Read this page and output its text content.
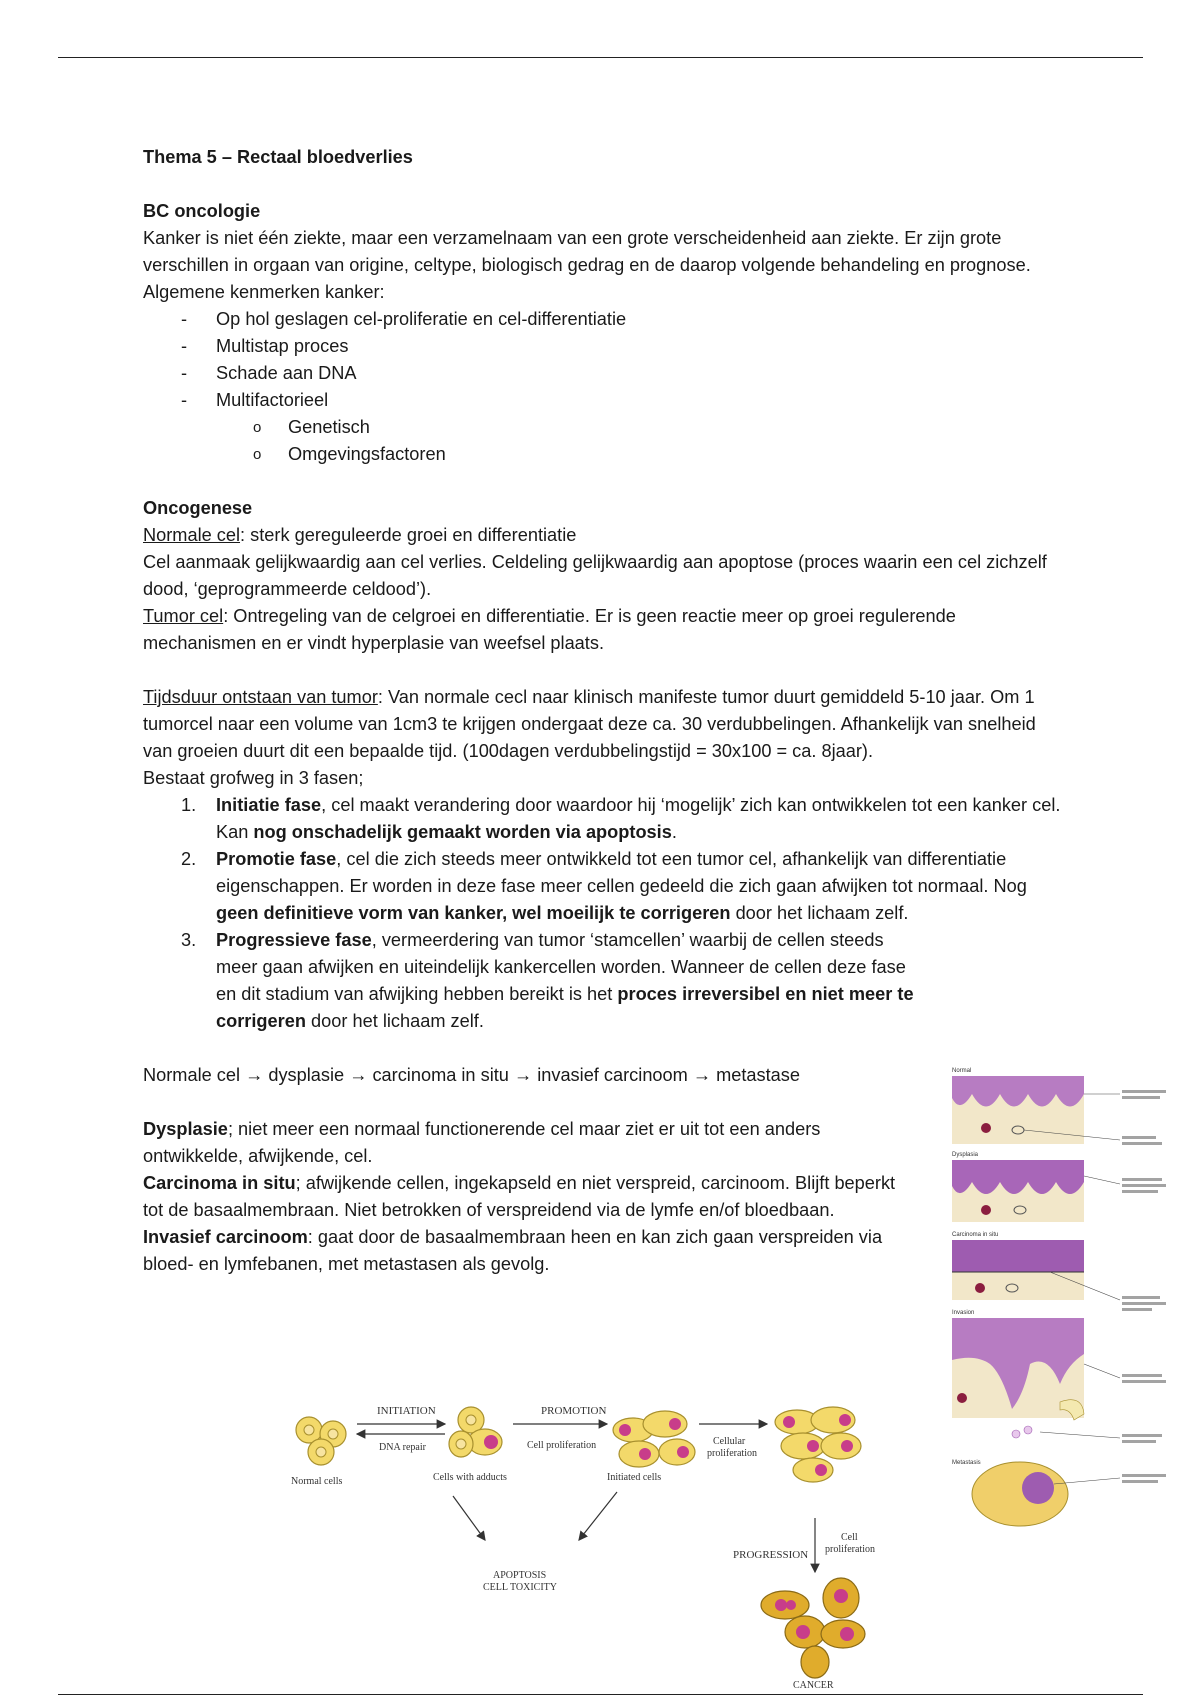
Thema 5 – Rectaal bloedverlies

BC oncologie

Kanker is niet één ziekte, maar een verzamelnaam van een grote verscheidenheid aan ziekte. Er zijn grote verschillen in orgaan van origine, celtype, biologisch gedrag en de daarop volgende behandeling en prognose.

Algemene kenmerken kanker:

- Op hol geslagen cel-proliferatie en cel-differentiatie
- Multistap proces
- Schade aan DNA
- Multifactorieel
o Genetisch
o Omgevingsfactoren

Oncogenese

Normale cel: sterk gereguleerde groei en differentiatie

Cel aanmaak gelijkwaardig aan cel verlies. Celdeling gelijkwaardig aan apoptose (proces waarin een cel zichzelf dood, ‘geprogrammeerde celdood’).

Tumor cel: Ontregeling van de celgroei en differentiatie. Er is geen reactie meer op groei regulerende mechanismen en er vindt hyperplasie van weefsel plaats.

Tijdsduur ontstaan van tumor: Van normale cecl naar klinisch manifeste tumor duurt gemiddeld 5-10 jaar. Om 1 tumorcel naar een volume van 1cm3 te krijgen ondergaat deze ca. 30 verdubbelingen. Afhankelijk van snelheid van groeien duurt dit een bepaalde tijd. (100dagen verdubbelingstijd = 30x100 = ca. 8jaar).

Bestaat grofweg in 3 fasen;

1. Initiatie fase, cel maakt verandering door waardoor hij ‘mogelijk’ zich kan ontwikkelen tot een kanker cel. Kan nog onschadelijk gemaakt worden via apoptosis.
2. Promotie fase, cel die zich steeds meer ontwikkeld tot een tumor cel, afhankelijk van differentiatie eigenschappen. Er worden in deze fase meer cellen gedeeld die zich gaan afwijken tot normaal. Nog geen definitieve vorm van kanker, wel moeilijk te corrigeren door het lichaam zelf.
3. Progressieve fase, vermeerdering van tumor ‘stamcellen’ waarbij de cellen steeds meer gaan afwijken en uiteindelijk kankercellen worden. Wanneer de cellen deze fase en dit stadium van afwijking hebben bereikt is het proces irreversibel en niet meer te corrigeren door het lichaam zelf.

Normale cel → dysplasie → carcinoma in situ → invasief carcinoom → metastase

Dysplasie; niet meer een normaal functionerende cel maar ziet er uit tot een anders ontwikkelde, afwijkende, cel.

Carcinoma in situ; afwijkende cellen, ingekapseld en niet verspreid, carcinoom. Blijft beperkt tot de basaalmembraan. Niet betrokken of verspreidend via de lymfe en/of bloedbaan.

Invasief carcinoom: gaat door de basaalmembraan heen en kan zich gaan verspreiden via bloed- en lymfebanen, met metastasen als gevolg.

Normal
Dysplasia
Carcinoma in situ
Invasion
Metastasis
Normal cells
INITIATION
DNA repair
Cells with adducts
PROMOTION
Cell proliferation
Initiated cells
Cellular
proliferation
APOPTOSIS
CELL TOXICITY
PROGRESSION
Cell
proliferation
CANCER
